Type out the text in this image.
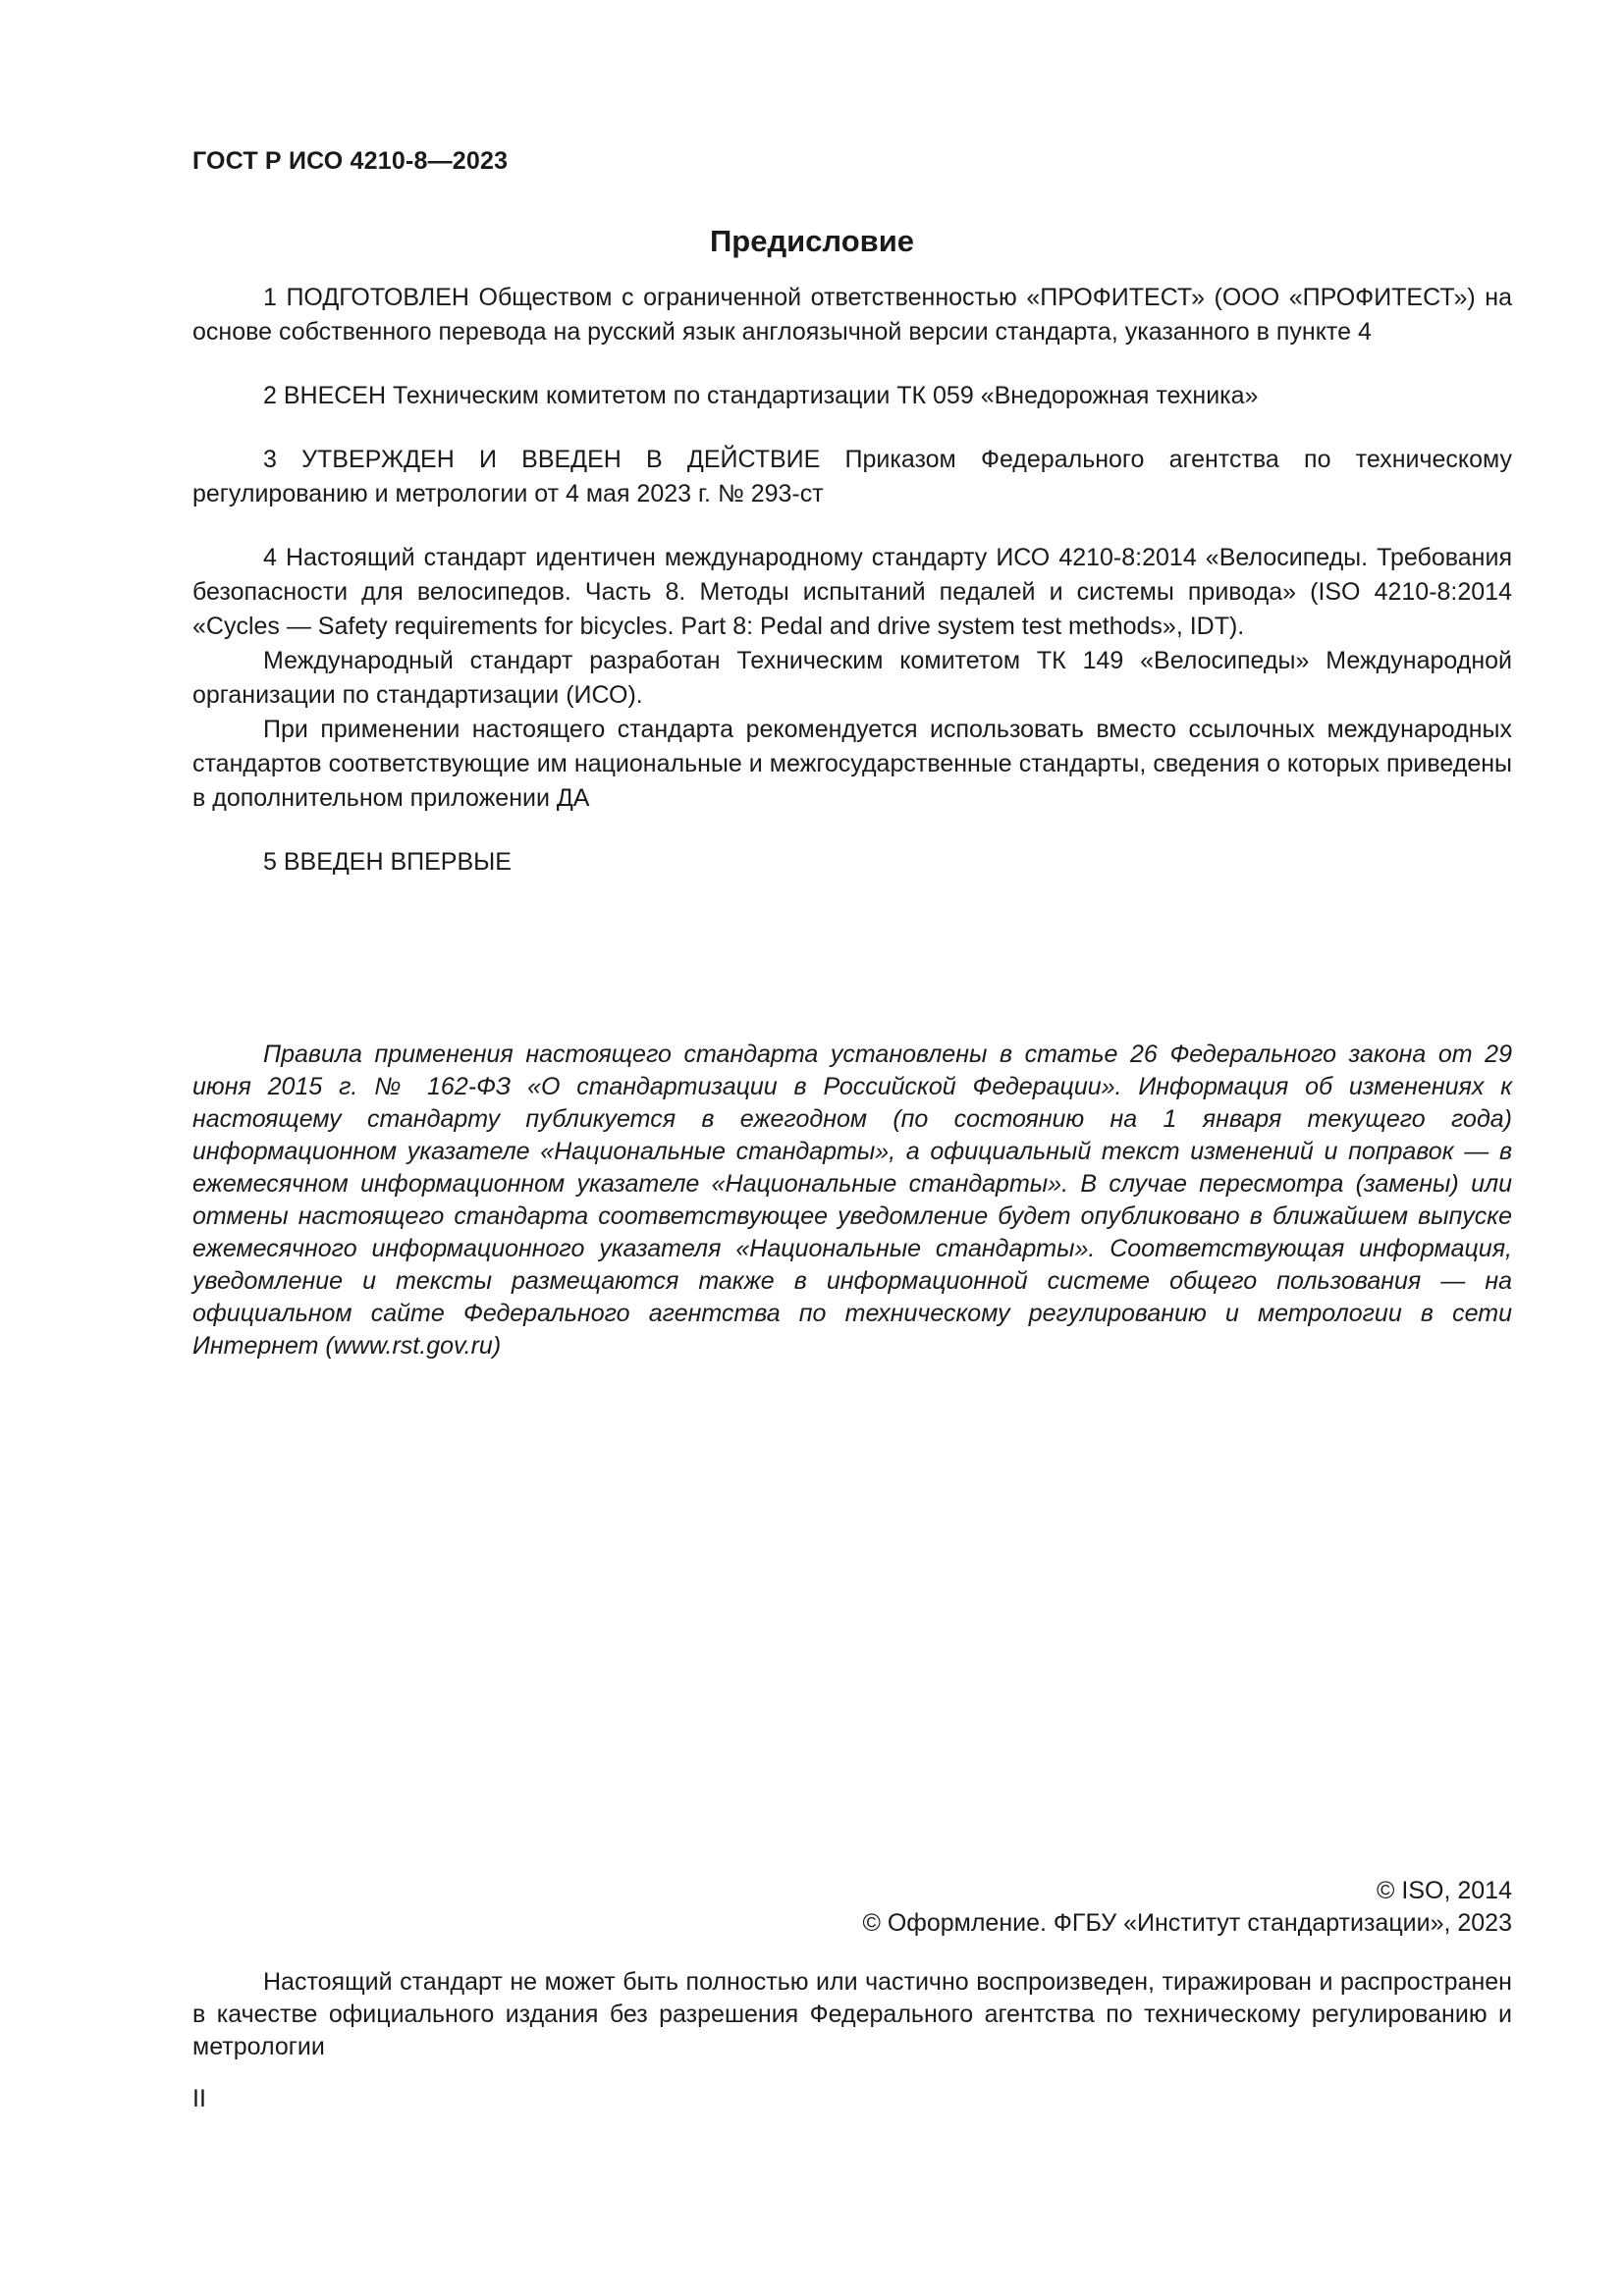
ГОСТ Р ИСО 4210-8—2023
Предисловие

1 ПОДГОТОВЛЕН Обществом с ограниченной ответственностью «ПРОФИТЕСТ» (ООО «ПРОФИТЕСТ») на основе собственного перевода на русский язык англоязычной версии стандарта, указанного в пункте 4

2 ВНЕСЕН Техническим комитетом по стандартизации ТК 059 «Внедорожная техника»

3 УТВЕРЖДЕН И ВВЕДЕН В ДЕЙСТВИЕ Приказом Федерального агентства по техническому регулированию и метрологии от 4 мая 2023 г. № 293-ст

4 Настоящий стандарт идентичен международному стандарту ИСО 4210-8:2014 «Велосипеды. Требования безопасности для велосипедов. Часть 8. Методы испытаний педалей и системы привода» (ISO 4210-8:2014 «Cycles — Safety requirements for bicycles. Part 8: Pedal and drive system test methods», IDT).

Международный стандарт разработан Техническим комитетом ТК 149 «Велосипеды» Международной организации по стандартизации (ИСО).

При применении настоящего стандарта рекомендуется использовать вместо ссылочных международных стандартов соответствующие им национальные и межгосударственные стандарты, сведения о которых приведены в дополнительном приложении ДА

5 ВВЕДЕН ВПЕРВЫЕ

Правила применения настоящего стандарта установлены в статье 26 Федерального закона от 29 июня 2015 г. № 162-ФЗ «О стандартизации в Российской Федерации». Информация об изменениях к настоящему стандарту публикуется в ежегодном (по состоянию на 1 января текущего года) информационном указателе «Национальные стандарты», а официальный текст изменений и поправок — в ежемесячном информационном указателе «Национальные стандарты». В случае пересмотра (замены) или отмены настоящего стандарта соответствующее уведомление будет опубликовано в ближайшем выпуске ежемесячного информационного указателя «Национальные стандарты». Соответствующая информация, уведомление и тексты размещаются также в информационной системе общего пользования — на официальном сайте Федерального агентства по техническому регулированию и метрологии в сети Интернет (www.rst.gov.ru)

© ISO, 2014
© Оформление. ФГБУ «Институт стандартизации», 2023

Настоящий стандарт не может быть полностью или частично воспроизведен, тиражирован и распространен в качестве официального издания без разрешения Федерального агентства по техническому регулированию и метрологии

II
